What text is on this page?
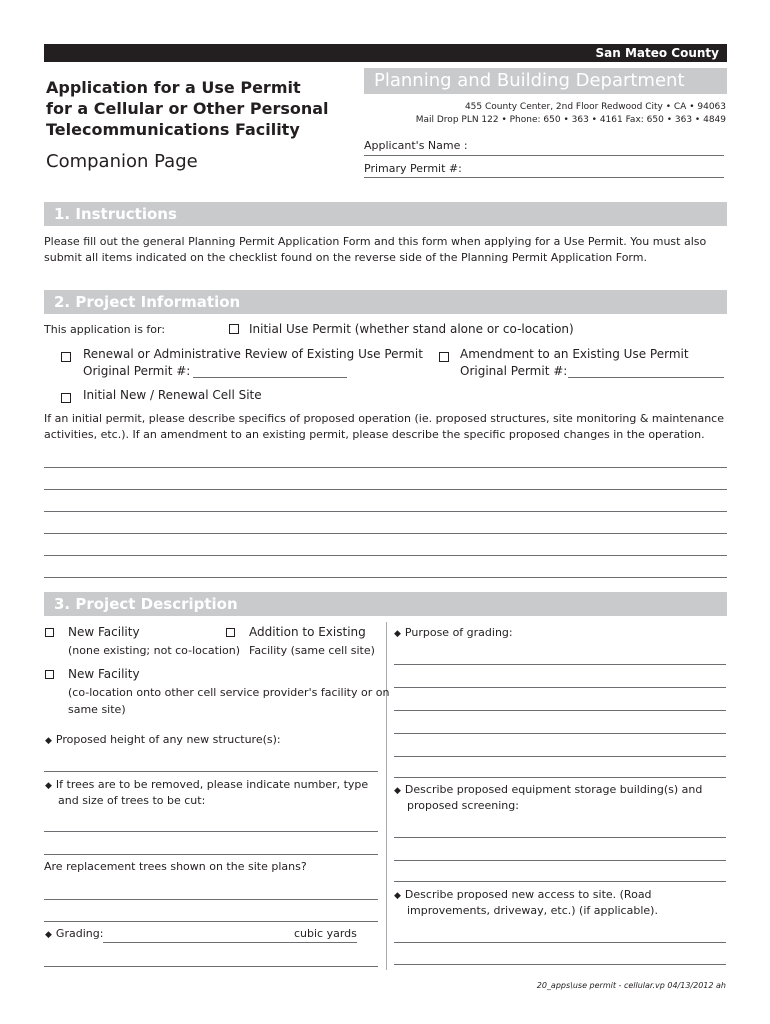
San Mateo County
Application for a Use Permit
for a Cellular or Other Personal
Telecommunications Facility
Planning and Building Department
455 County Center, 2nd Floor Redwood City • CA • 94063
Mail Drop PLN 122 • Phone: 650 • 363 • 4161 Fax: 650 • 363 • 4849
Companion Page
Applicant's Name :
Primary Permit #:
1. Instructions
Please fill out the general Planning Permit Application Form and this form when applying for a Use Permit. You must also
submit all items indicated on the checklist found on the reverse side of the Planning Permit Application Form.
2. Project Information
This application is for:	Initial Use Permit (whether stand alone or co-location)
Renewal or Administrative Review of Existing Use Permit
Original Permit #:
Amendment to an Existing Use Permit
Original Permit #:
Initial New / Renewal Cell Site
If an initial permit, please describe specifics of proposed operation (ie. proposed structures, site monitoring & maintenance
activities, etc.). If an amendment to an existing permit, please describe the specific proposed changes in the operation.
3. Project Description
New Facility
(none existing; not co-location)
Addition to Existing
Facility (same cell site)
New Facility
(co-location onto other cell service provider's facility or on
same site)
◆ Proposed height of any new structure(s):
◆ If trees are to be removed, please indicate number, type
and size of trees to be cut:
Are replacement trees shown on the site plans?
◆ Grading:	cubic yards
◆ Purpose of grading:
◆ Describe proposed equipment storage building(s) and
proposed screening:
◆ Describe proposed new access to site. (Road
improvements, driveway, etc.) (if applicable).
20_apps\use permit - cellular.vp 04/13/2012 ah
